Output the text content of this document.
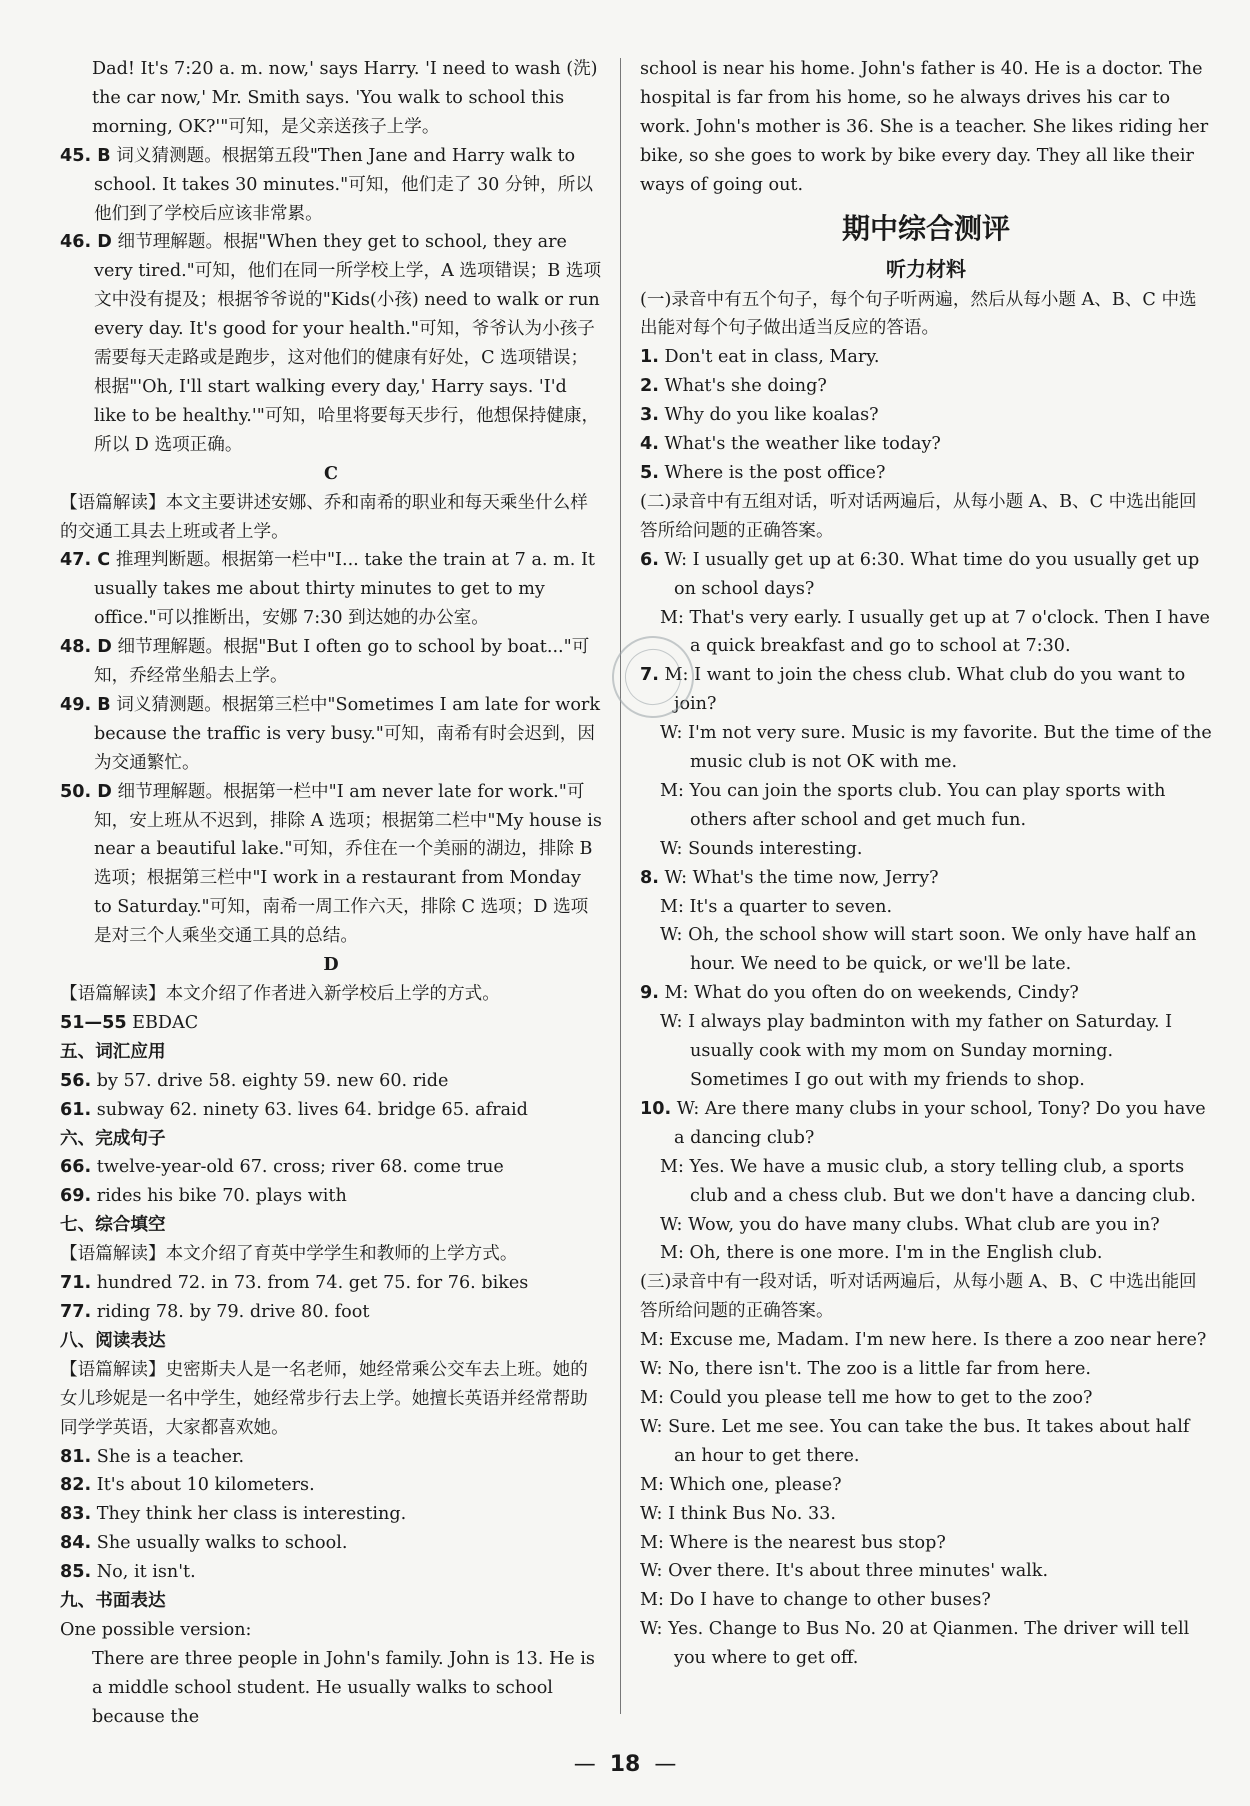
Dad! It's 7:20 a. m. now,' says Harry. 'I need to wash (洗) the car now,' Mr. Smith says. 'You walk to school this morning, OK?'"可知，是父亲送孩子上学。

45. B 词义猜测题。根据第五段"Then Jane and Harry walk to school. It takes 30 minutes."可知，他们走了 30 分钟，所以他们到了学校后应该非常累。

46. D 细节理解题。根据"When they get to school, they are very tired."可知，他们在同一所学校上学，A 选项错误；B 选项文中没有提及；根据爷爷说的"Kids(小孩) need to walk or run every day. It's good for your health."可知，爷爷认为小孩子需要每天走路或是跑步，这对他们的健康有好处，C 选项错误；根据"'Oh, I'll start walking every day,' Harry says. 'I'd like to be healthy.'"可知，哈里将要每天步行，他想保持健康，所以 D 选项正确。

C

【语篇解读】本文主要讲述安娜、乔和南希的职业和每天乘坐什么样的交通工具去上班或者上学。

47. C 推理判断题。根据第一栏中"I... take the train at 7 a. m. It usually takes me about thirty minutes to get to my office."可以推断出，安娜 7:30 到达她的办公室。

48. D 细节理解题。根据"But I often go to school by boat..."可知，乔经常坐船去上学。

49. B 词义猜测题。根据第三栏中"Sometimes I am late for work because the traffic is very busy."可知，南希有时会迟到，因为交通繁忙。

50. D 细节理解题。根据第一栏中"I am never late for work."可知，安上班从不迟到，排除 A 选项；根据第二栏中"My house is near a beautiful lake."可知，乔住在一个美丽的湖边，排除 B 选项；根据第三栏中"I work in a restaurant from Monday to Saturday."可知，南希一周工作六天，排除 C 选项；D 选项是对三个人乘坐交通工具的总结。

D

【语篇解读】本文介绍了作者进入新学校后上学的方式。

51—55 EBDAC

五、词汇应用

56. by 57. drive 58. eighty 59. new 60. ride

61. subway 62. ninety 63. lives 64. bridge 65. afraid

六、完成句子

66. twelve-year-old 67. cross; river 68. come true

69. rides his bike 70. plays with

七、综合填空

【语篇解读】本文介绍了育英中学学生和教师的上学方式。

71. hundred 72. in 73. from 74. get 75. for 76. bikes

77. riding 78. by 79. drive 80. foot

八、阅读表达

【语篇解读】史密斯夫人是一名老师，她经常乘公交车去上班。她的女儿珍妮是一名中学生，她经常步行去上学。她擅长英语并经常帮助同学学英语，大家都喜欢她。

81. She is a teacher.

82. It's about 10 kilometers.

83. They think her class is interesting.

84. She usually walks to school.

85. No, it isn't.

九、书面表达

One possible version:

There are three people in John's family. John is 13. He is a middle school student. He usually walks to school because the

school is near his home. John's father is 40. He is a doctor. The hospital is far from his home, so he always drives his car to work. John's mother is 36. She is a teacher. She likes riding her bike, so she goes to work by bike every day. They all like their ways of going out.

期中综合测评

听力材料

(一)录音中有五个句子，每个句子听两遍，然后从每小题 A、B、C 中选出能对每个句子做出适当反应的答语。

1. Don't eat in class, Mary.

2. What's she doing?

3. Why do you like koalas?

4. What's the weather like today?

5. Where is the post office?

(二)录音中有五组对话，听对话两遍后，从每小题 A、B、C 中选出能回答所给问题的正确答案。

6. W: I usually get up at 6:30. What time do you usually get up on school days?

M: That's very early. I usually get up at 7 o'clock. Then I have a quick breakfast and go to school at 7:30.

7. M: I want to join the chess club. What club do you want to join?

W: I'm not very sure. Music is my favorite. But the time of the music club is not OK with me.

M: You can join the sports club. You can play sports with others after school and get much fun.

W: Sounds interesting.

8. W: What's the time now, Jerry?

M: It's a quarter to seven.

W: Oh, the school show will start soon. We only have half an hour. We need to be quick, or we'll be late.

9. M: What do you often do on weekends, Cindy?

W: I always play badminton with my father on Saturday. I usually cook with my mom on Sunday morning. Sometimes I go out with my friends to shop.

10. W: Are there many clubs in your school, Tony? Do you have a dancing club?

M: Yes. We have a music club, a story telling club, a sports club and a chess club. But we don't have a dancing club.

W: Wow, you do have many clubs. What club are you in?

M: Oh, there is one more. I'm in the English club.

(三)录音中有一段对话，听对话两遍后，从每小题 A、B、C 中选出能回答所给问题的正确答案。

M: Excuse me, Madam. I'm new here. Is there a zoo near here?

W: No, there isn't. The zoo is a little far from here.

M: Could you please tell me how to get to the zoo?

W: Sure. Let me see. You can take the bus. It takes about half an hour to get there.

M: Which one, please?

W: I think Bus No. 33.

M: Where is the nearest bus stop?

W: Over there. It's about three minutes' walk.

M: Do I have to change to other buses?

W: Yes. Change to Bus No. 20 at Qianmen. The driver will tell you where to get off.

— 18 —
